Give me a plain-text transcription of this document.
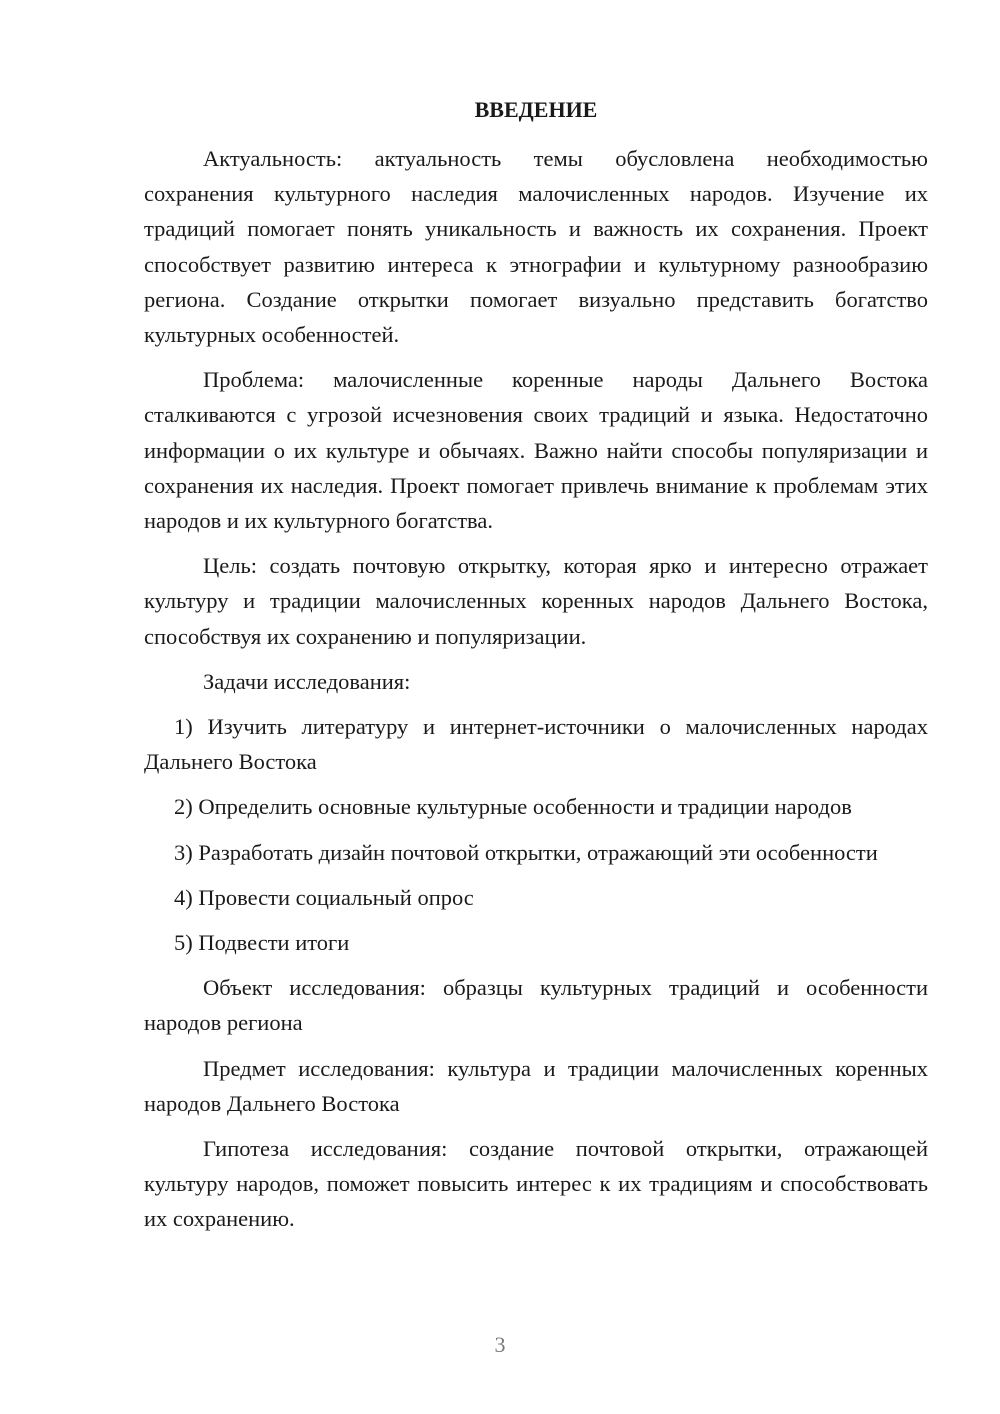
ВВЕДЕНИЕ

Актуальность: актуальность темы обусловлена необходимостью сохранения культурного наследия малочисленных народов. Изучение их традиций помогает понять уникальность и важность их сохранения. Проект способствует развитию интереса к этнографии и культурному разнообразию региона. Создание открытки помогает визуально представить богатство культурных особенностей.

Проблема: малочисленные коренные народы Дальнего Востока сталкиваются с угрозой исчезновения своих традиций и языка. Недостаточно информации о их культуре и обычаях. Важно найти способы популяризации и сохранения их наследия. Проект помогает привлечь внимание к проблемам этих народов и их культурного богатства.

Цель: создать почтовую открытку, которая ярко и интересно отражает культуру и традиции малочисленных коренных народов Дальнего Востока, способствуя их сохранению и популяризации.

Задачи исследования:

1) Изучить литературу и интернет-источники о малочисленных народах Дальнего Востока

2) Определить основные культурные особенности и традиции народов

3) Разработать дизайн почтовой открытки, отражающий эти особенности

4) Провести социальный опрос

5) Подвести итоги

Объект исследования: образцы культурных традиций и особенности народов региона

Предмет исследования: культура и традиции малочисленных коренных народов Дальнего Востока

Гипотеза исследования: создание почтовой открытки, отражающей культуру народов, поможет повысить интерес к их традициям и способствовать их сохранению.

3
